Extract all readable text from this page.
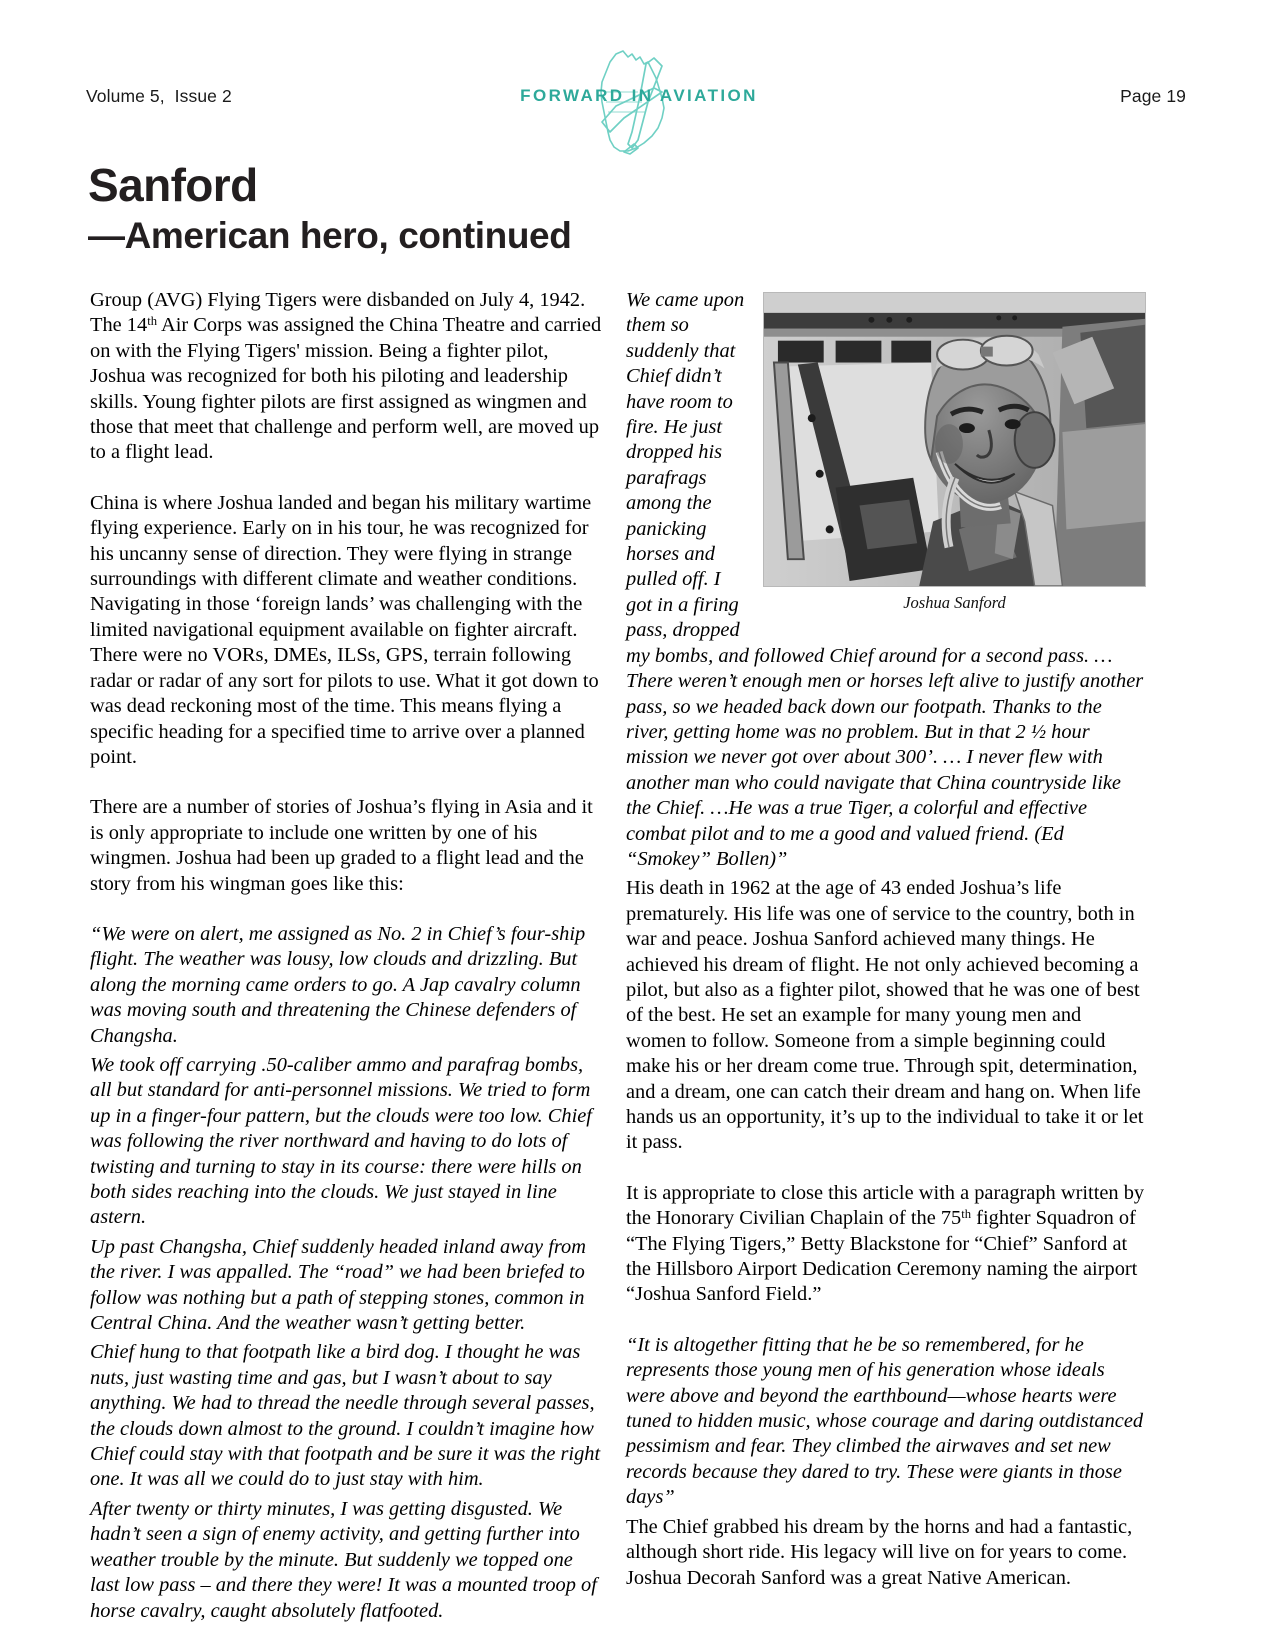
Volume 5,  Issue 2	FORWARD IN AVIATION	Page 19
Sanford
—American hero, continued

Group (AVG) Flying Tigers were disbanded on July 4, 1942. The 14th Air Corps was assigned the China Theatre and carried on with the Flying Tigers' mission. Being a fighter pilot, Joshua was recognized for both his piloting and leadership skills. Young fighter pilots are first assigned as wingmen and those that meet that challenge and perform well, are moved up to a flight lead.

China is where Joshua landed and began his military wartime flying experience. Early on in his tour, he was recognized for his uncanny sense of direction. They were flying in strange surroundings with different climate and weather conditions. Navigating in those ‘foreign lands’ was challenging with the limited navigational equipment available on fighter aircraft. There were no VORs, DMEs, ILSs, GPS, terrain following radar or radar of any sort for pilots to use. What it got down to was dead reckoning most of the time. This means flying a specific heading for a specified time to arrive over a planned point.

There are a number of stories of Joshua’s flying in Asia and it is only appropriate to include one written by one of his wingmen. Joshua had been up graded to a flight lead and the story from his wingman goes like this:

“We were on alert, me assigned as No. 2 in Chief’s four-ship flight. The weather was lousy, low clouds and drizzling. But along the morning came orders to go. A Jap cavalry column was moving south and threatening the Chinese defenders of Changsha.

We took off carrying .50-caliber ammo and parafrag bombs, all but standard for anti-personnel missions. We tried to form up in a finger-four pattern, but the clouds were too low. Chief was following the river northward and having to do lots of twisting and turning to stay in its course: there were hills on both sides reaching into the clouds. We just stayed in line astern.

Up past Changsha, Chief suddenly headed inland away from the river. I was appalled. The “road” we had been briefed to follow was nothing but a path of stepping stones, common in Central China. And the weather wasn’t getting better.

Chief hung to that footpath like a bird dog. I thought he was nuts, just wasting time and gas, but I wasn’t about to say anything. We had to thread the needle through several passes, the clouds down almost to the ground. I couldn’t imagine how Chief could stay with that footpath and be sure it was the right one. It was all we could do to just stay with him.

After twenty or thirty minutes, I was getting disgusted. We hadn’t seen a sign of enemy activity, and getting further into weather trouble by the minute. But suddenly we topped one last low pass – and there they were! It was a mounted troop of horse cavalry, caught absolutely flatfooted.

Joshua Sanford

We came upon them so suddenly that Chief didn’t have room to fire. He just dropped his parafrags among the panicking horses and pulled off. I got in a firing pass, dropped my bombs, and followed Chief around for a second pass. … There weren’t enough men or horses left alive to justify another pass, so we headed back down our footpath. Thanks to the river, getting home was no problem. But in that 2 ½ hour mission we never got over about 300’. … I never flew with another man who could navigate that China countryside like the Chief. …He was a true Tiger, a colorful and effective combat pilot and to me a good and valued friend. (Ed “Smokey” Bollen)”

His death in 1962 at the age of 43 ended Joshua’s life prematurely. His life was one of service to the country, both in war and peace. Joshua Sanford achieved many things. He achieved his dream of flight. He not only achieved becoming a pilot, but also as a fighter pilot, showed that he was one of best of the best. He set an example for many young men and women to follow. Someone from a simple beginning could make his or her dream come true. Through spit, determination, and a dream, one can catch their dream and hang on. When life hands us an opportunity, it’s up to the individual to take it or let it pass.

It is appropriate to close this article with a paragraph written by the Honorary Civilian Chaplain of the 75th fighter Squadron of “The Flying Tigers,” Betty Blackstone for “Chief” Sanford at the Hillsboro Airport Dedication Ceremony naming the airport “Joshua Sanford Field.”

“It is altogether fitting that he be so remembered, for he represents those young men of his generation whose ideals were above and beyond the earthbound—whose hearts were tuned to hidden music, whose courage and daring outdistanced pessimism and fear. They climbed the airwaves and set new records because they dared to try. These were giants in those days”

The Chief grabbed his dream by the horns and had a fantastic, although short ride. His legacy will live on for years to come. Joshua Decorah Sanford was a great Native American.
